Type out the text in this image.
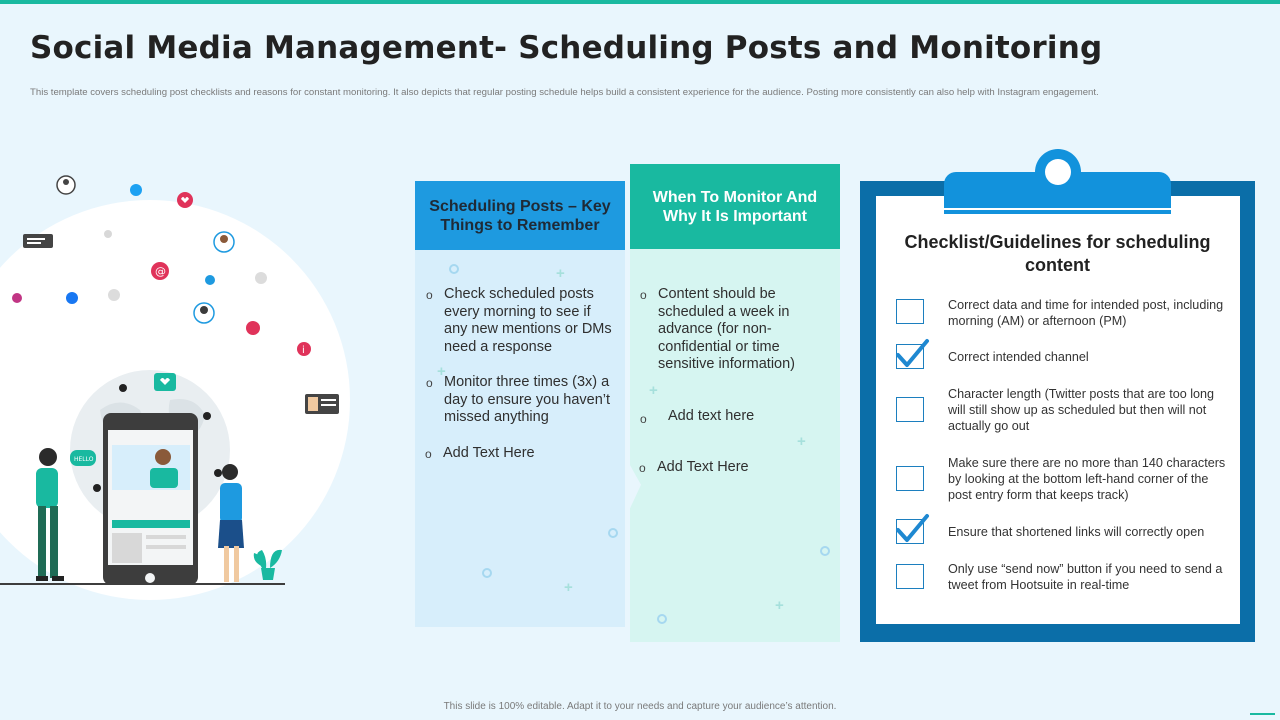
Social Media Management- Scheduling Posts and Monitoring

This template covers scheduling post checklists and reasons for constant monitoring. It also depicts that regular posting schedule helps build a consistent experience for the audience. Posting more consistently can also help with Instagram engagement.

@
i
HELLO
Scheduling Posts – Key Things to Remember
+
+
+
o Check scheduled posts every morning to see if any new mentions or DMs need a response
o Monitor three times (3x) a day to ensure you haven’t missed anything
o Add Text Here
When To Monitor And Why It Is Important
+
+
+
o Content should be scheduled a week in advance (for non-confidential or time sensitive information)
o Add text here
o Add Text Here
Checklist/Guidelines for scheduling content
Correct data and time for intended post, including morning (AM) or afternoon (PM)
Correct intended channel
Character length (Twitter posts that are too long will still show up as scheduled but then will not actually go out
Make sure there are no more than 140 characters by looking at the bottom left-hand corner of the post entry form that keeps track)
Ensure that shortened links will correctly open
Only use “send now” button if you need to send a tweet from Hootsuite in real-time
This slide is 100% editable. Adapt it to your needs and capture your audience’s attention.
